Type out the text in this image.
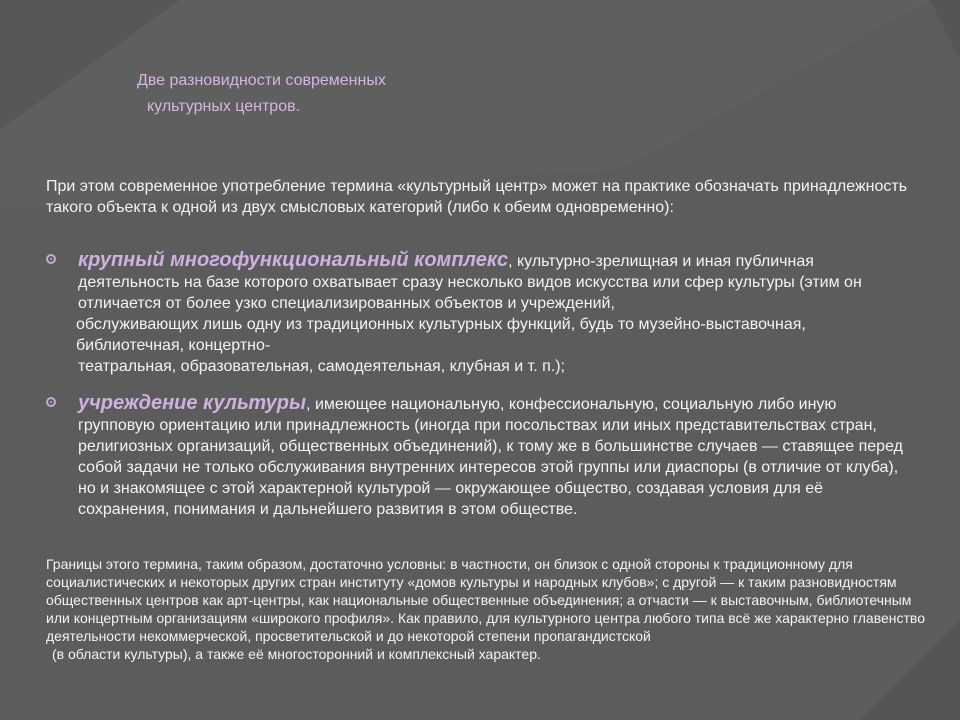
Две разновидности современных
культурных центров.
При этом современное употребление термина «культурный центр» может на практике обозначать принадлежность такого объекта к одной из двух смысловых категорий (либо к обеим одновременно):
крупный многофункциональный комплекс, культурно-зрелищная и иная публичная деятельность на базе которого охватывает сразу несколько видов искусства или сфер культуры (этим он отличается от более узко специализированных объектов и учреждений,
обслуживающих лишь одну из традиционных культурных функций, будь то музейно-выставочная, библиотечная, концертно-
театральная, образовательная, самодеятельная, клубная и т. п.);
учреждение культуры, имеющее национальную, конфессиональную, социальную либо иную групповую ориентацию или принадлежность (иногда при посольствах или иных представительствах стран, религиозных организаций, общественных объединений), к тому же в большинстве случаев — ставящее перед собой задачи не только обслуживания внутренних интересов этой группы или диаспоры (в отличие от клуба), но и знакомящее с этой характерной культурой — окружающее общество, создавая условия для её сохранения, понимания и дальнейшего развития в этом обществе.
Границы этого термина, таким образом, достаточно условны: в частности, он близок с одной стороны к традиционному для социалистических и некоторых других стран институту «домов культуры и народных клубов»; с другой — к таким разновидностям общественных центров как арт-центры, как национальные общественные объединения; а отчасти — к выставочным, библиотечным или концертным организациям «широкого профиля». Как правило, для культурного центра любого типа всё же характерно главенство деятельности некоммерческой, просветительской и до некоторой степени пропагандистской
(в области культуры), а также её многосторонний и комплексный характер.
